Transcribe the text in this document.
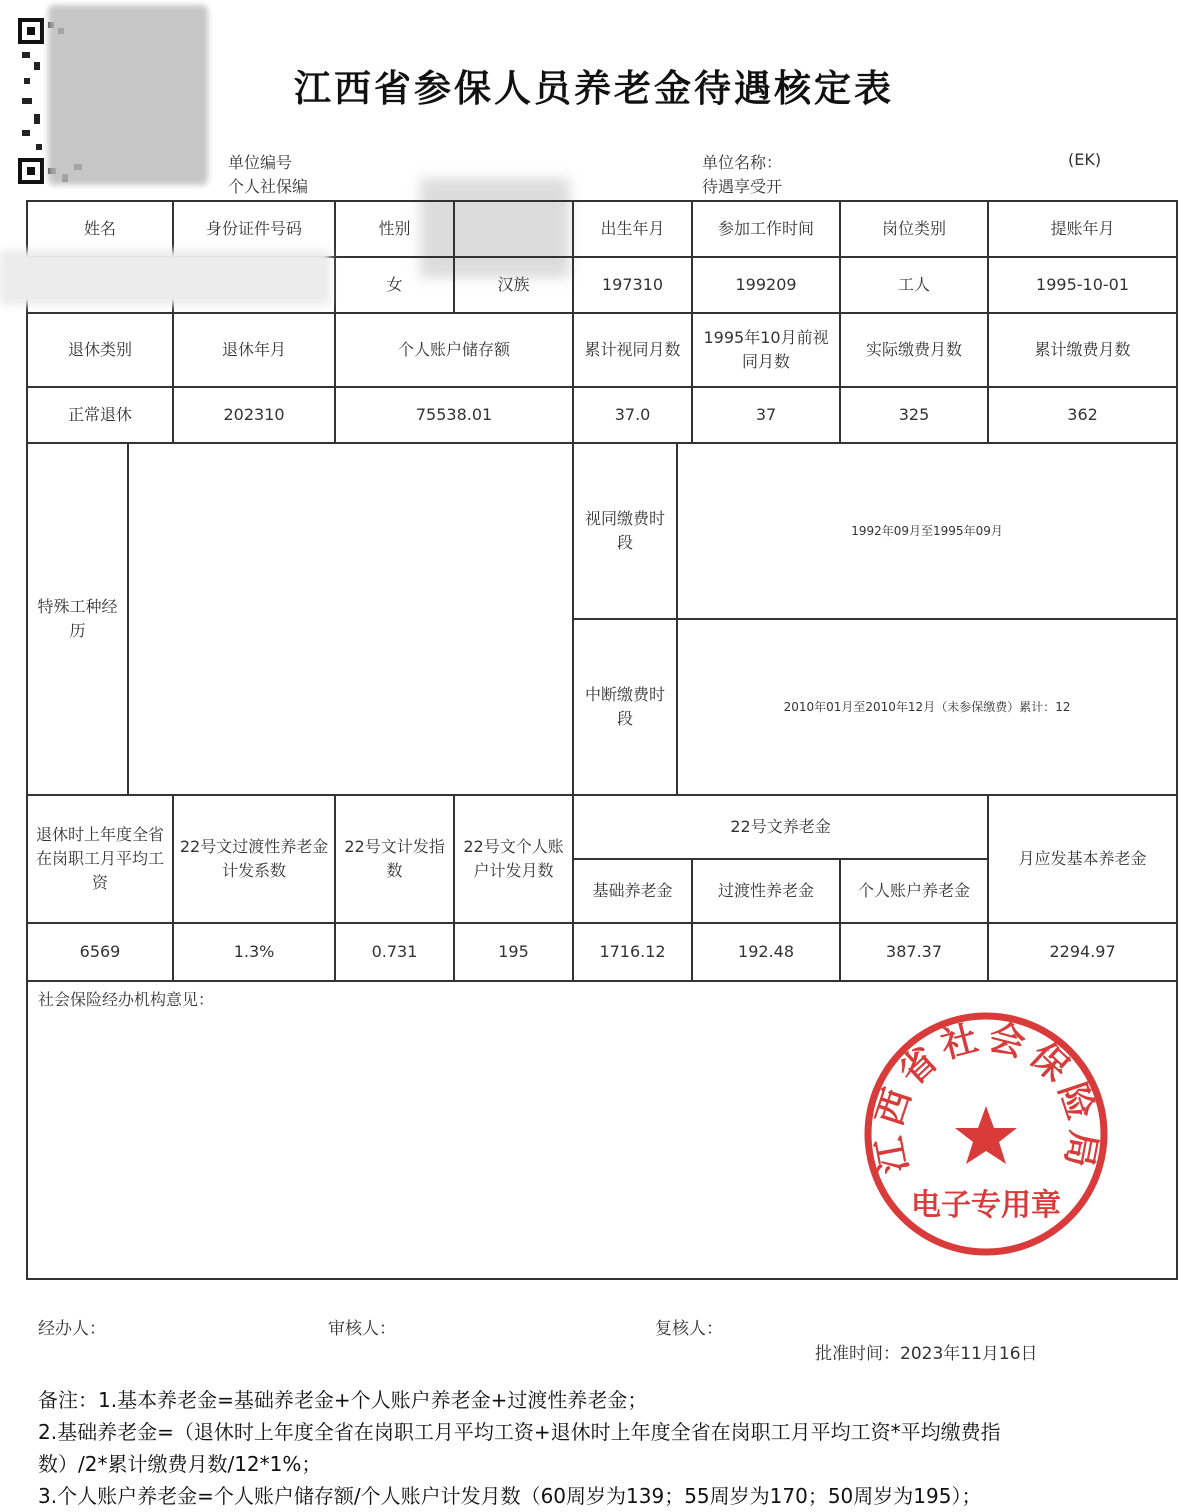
江西省参保人员养老金待遇核定表
单位编号
个人社保编
单位名称：
待遇享受开
(EK)
姓名		身份证件号码	性别		出生年月		参加工作时间	岗位类别	提账年月
			女	汉族	197310		199209	工人	1995-10-01
退休类别		退休年月	个人账户储存额		累计视同月数		1995年10月前视同月数	实际缴费月数	累计缴费月数
正常退休		202310	75538.01		37.0		37	325	362
特殊工种经历					视同缴费时段	1992年09月至1995年09月			
					中断缴费时段	2010年01月至2010年12月（未参保缴费）累计：12			
退休时上年度全省在岗职工月平均工资		22号文过渡性养老金计发系数	22号文计发指数	22号文个人账户计发月数	22号文养老金				月应发基本养老金
					基础养老金		过渡性养老金	个人账户养老金	
6569		1.3%	0.731	195	1716.12		192.48	387.37	2294.97
社会保险经办机构意见：									
江西省社会保险局
电子专用章
经办人：	审核人：	复核人：
批准时间：2023年11月16日
备注：1.基本养老金=基础养老金+个人账户养老金+过渡性养老金；
2.基础养老金=（退休时上年度全省在岗职工月平均工资+退休时上年度全省在岗职工月平均工资*平均缴费指
数）/2*累计缴费月数/12*1%；
3.个人账户养老金=个人账户储存额/个人账户计发月数（60周岁为139；55周岁为170；50周岁为195）；
